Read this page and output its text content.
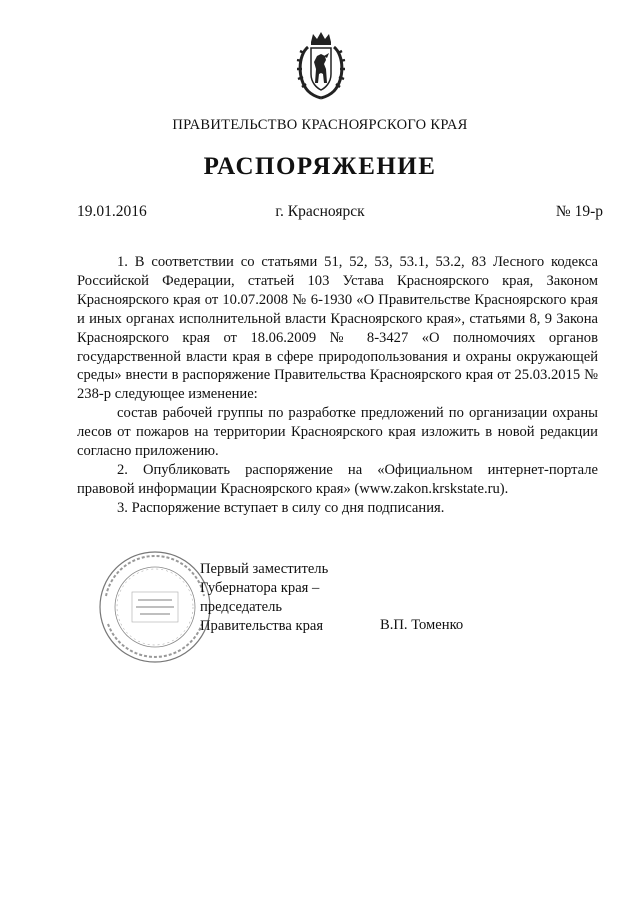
ПРАВИТЕЛЬСТВО КРАСНОЯРСКОГО КРАЯ
РАСПОРЯЖЕНИЕ
19.01.2016	г. Красноярск	№ 19-р

1. В соответствии со статьями 51, 52, 53, 53.1, 53.2, 83 Лесного кодекса Российской Федерации, статьей 103 Устава Красноярского края, Законом Красноярского края от 10.07.2008 № 6-1930 «О Правительстве Красноярского края и иных органах исполнительной власти Красноярского края», статьями 8, 9 Закона Красноярского края от 18.06.2009 № 8-3427 «О полномочиях органов государственной власти края в сфере природопользования и охраны окружающей среды» внести в распоряжение Правительства Красноярского края от 25.03.2015 № 238-р следующее изменение:

состав рабочей группы по разработке предложений по организации охраны лесов от пожаров на территории Красноярского края изложить в новой редакции согласно приложению.

2. Опубликовать распоряжение на «Официальном интернет-портале правовой информации Красноярского края» (www.zakon.krskstate.ru).

3. Распоряжение вступает в силу со дня подписания.

Первый заместитель
Губернатора края –
председатель
Правительства края	В.П. Томенко
